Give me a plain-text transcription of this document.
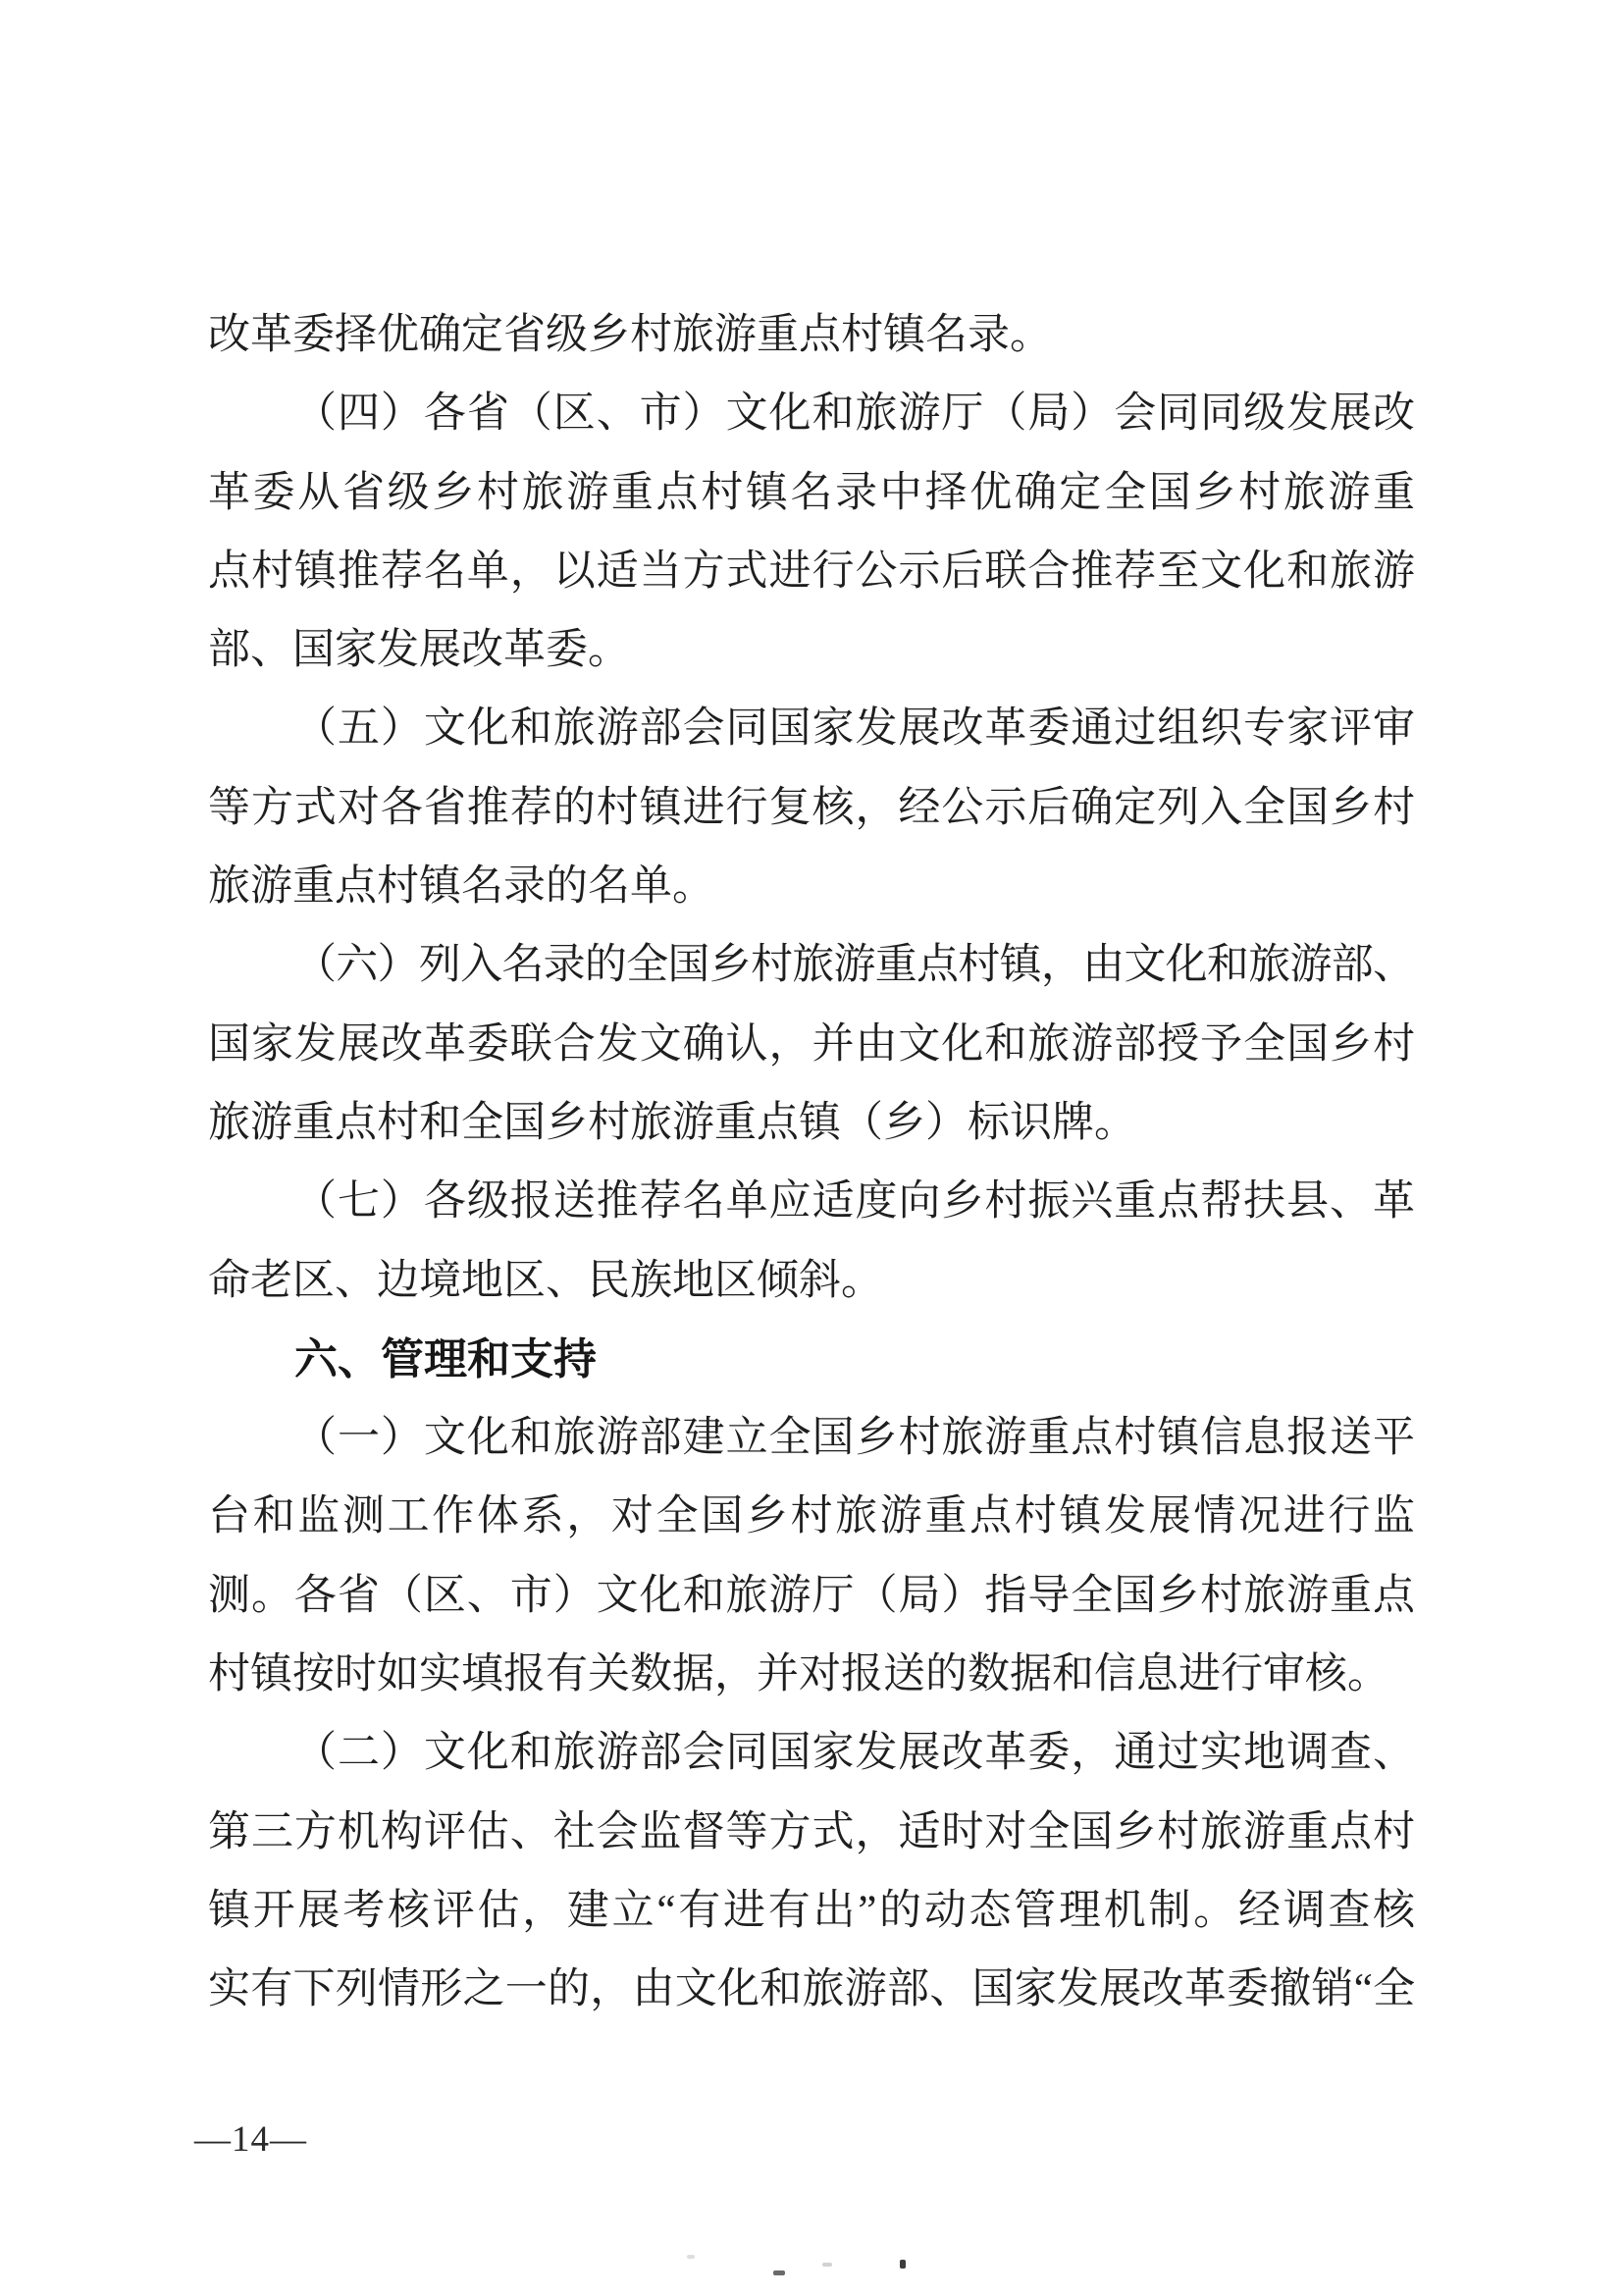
改革委择优确定省级乡村旅游重点村镇名录。
（四）各省（区、市）文化和旅游厅（局）会同同级发展改
革委从省级乡村旅游重点村镇名录中择优确定全国乡村旅游重
点村镇推荐名单，以适当方式进行公示后联合推荐至文化和旅游
部、国家发展改革委。
（五）文化和旅游部会同国家发展改革委通过组织专家评审
等方式对各省推荐的村镇进行复核，经公示后确定列入全国乡村
旅游重点村镇名录的名单。
（六）列入名录的全国乡村旅游重点村镇，由文化和旅游部、
国家发展改革委联合发文确认，并由文化和旅游部授予全国乡村
旅游重点村和全国乡村旅游重点镇（乡）标识牌。
（七）各级报送推荐名单应适度向乡村振兴重点帮扶县、革
命老区、边境地区、民族地区倾斜。
六、管理和支持
（一）文化和旅游部建立全国乡村旅游重点村镇信息报送平
台和监测工作体系，对全国乡村旅游重点村镇发展情况进行监
测。各省（区、市）文化和旅游厅（局）指导全国乡村旅游重点
村镇按时如实填报有关数据，并对报送的数据和信息进行审核。
（二）文化和旅游部会同国家发展改革委，通过实地调查、
第三方机构评估、社会监督等方式，适时对全国乡村旅游重点村
镇开展考核评估，建立“有进有出”的动态管理机制。经调查核
实有下列情形之一的，由文化和旅游部、国家发展改革委撤销“全
—14—
